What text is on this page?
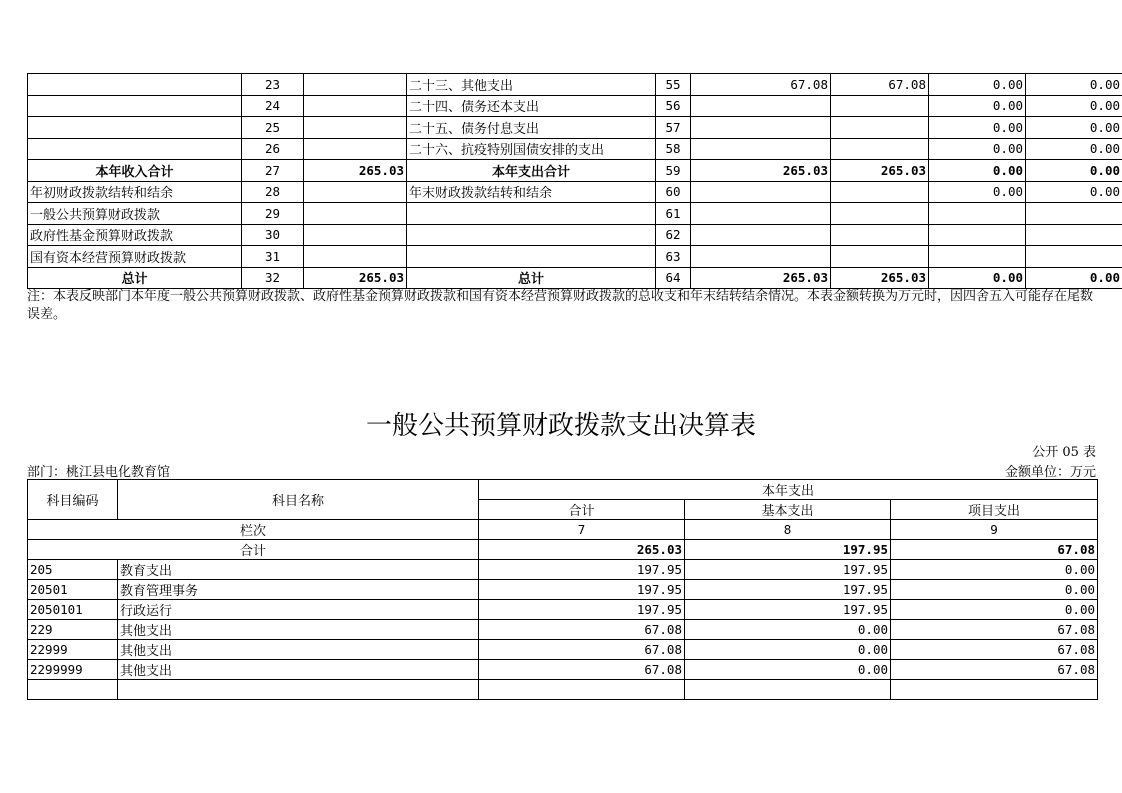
	23		二十三、其他支出	55	67.08	67.08	0.00	0.00
	24		二十四、债务还本支出	56			0.00	0.00
	25		二十五、债务付息支出	57			0.00	0.00
	26		二十六、抗疫特别国债安排的支出	58			0.00	0.00
本年收入合计	27	265.03	本年支出合计	59	265.03	265.03	0.00	0.00
年初财政拨款结转和结余	28		年末财政拨款结转和结余	60			0.00	0.00
一般公共预算财政拨款	29			61				
政府性基金预算财政拨款	30			62				
国有资本经营预算财政拨款	31			63				
总计	32	265.03	总计	64	265.03	265.03	0.00	0.00
注：本表反映部门本年度一般公共预算财政拨款、政府性基金预算财政拨款和国有资本经营预算财政拨款的总收支和年末结转结余情况。本表金额转换为万元时，因四舍五入可能存在尾数误差。
一般公共预算财政拨款支出决算表
公开 05 表
部门：桃江县电化教育馆	金额单位：万元
科目编码	科目名称	本年支出		
		合计	基本支出	项目支出
栏次		7	8	9
合计		265.03	197.95	67.08
205	教育支出	197.95	197.95	0.00
20501	教育管理事务	197.95	197.95	0.00
2050101	行政运行	197.95	197.95	0.00
229	其他支出	67.08	0.00	67.08
22999	其他支出	67.08	0.00	67.08
2299999	其他支出	67.08	0.00	67.08
